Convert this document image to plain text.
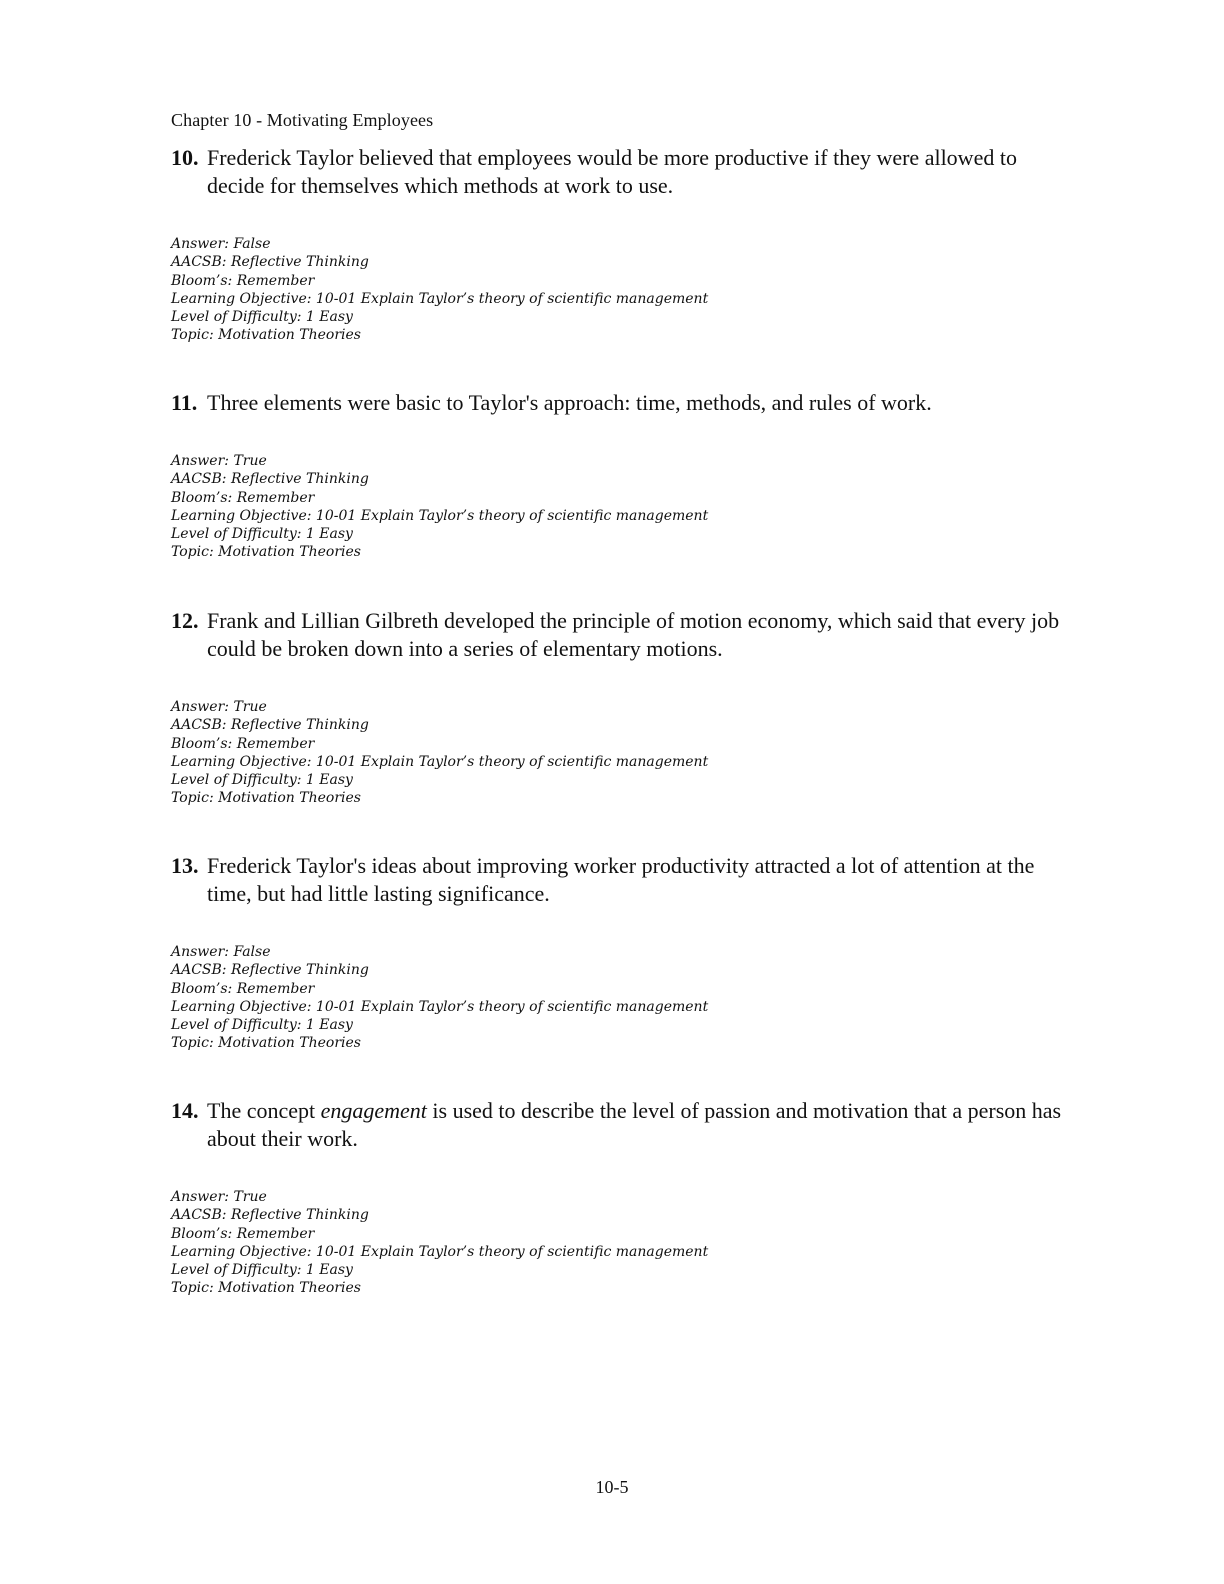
Chapter 10 - Motivating Employees

10. Frederick Taylor believed that employees would be more productive if they were allowed to decide for themselves which methods at work to use.

Answer: False
AACSB: Reflective Thinking
Bloom’s: Remember
Learning Objective: 10-01 Explain Taylor’s theory of scientific management
Level of Difficulty: 1 Easy
Topic: Motivation Theories

11. Three elements were basic to Taylor's approach: time, methods, and rules of work.

Answer: True
AACSB: Reflective Thinking
Bloom’s: Remember
Learning Objective: 10-01 Explain Taylor’s theory of scientific management
Level of Difficulty: 1 Easy
Topic: Motivation Theories

12. Frank and Lillian Gilbreth developed the principle of motion economy, which said that every job could be broken down into a series of elementary motions.

Answer: True
AACSB: Reflective Thinking
Bloom’s: Remember
Learning Objective: 10-01 Explain Taylor’s theory of scientific management
Level of Difficulty: 1 Easy
Topic: Motivation Theories

13. Frederick Taylor's ideas about improving worker productivity attracted a lot of attention at the time, but had little lasting significance.

Answer: False
AACSB: Reflective Thinking
Bloom’s: Remember
Learning Objective: 10-01 Explain Taylor’s theory of scientific management
Level of Difficulty: 1 Easy
Topic: Motivation Theories

14. The concept engagement is used to describe the level of passion and motivation that a person has about their work.

Answer: True
AACSB: Reflective Thinking
Bloom’s: Remember
Learning Objective: 10-01 Explain Taylor’s theory of scientific management
Level of Difficulty: 1 Easy
Topic: Motivation Theories
10-5
